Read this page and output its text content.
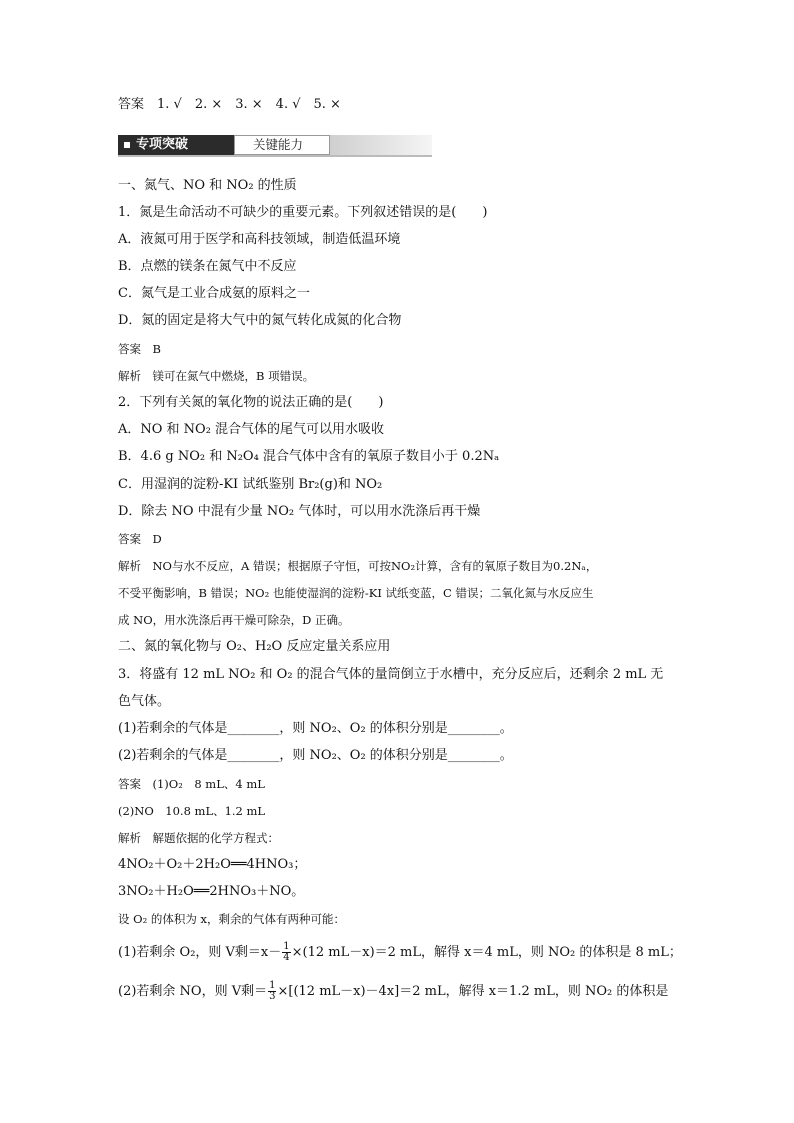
答案　1. √　2. ×　3. ×　4. √　5. ×
专项突破	关键能力
一、氮气、NO 和 NO₂ 的性质
1．氮是生命活动不可缺少的重要元素。下列叙述错误的是(　　)
A．液氮可用于医学和高科技领域，制造低温环境
B．点燃的镁条在氮气中不反应
C．氮气是工业合成氨的原料之一
D．氮的固定是将大气中的氮气转化成氮的化合物
答案　B
解析　镁可在氮气中燃烧，B 项错误。
2．下列有关氮的氧化物的说法正确的是(　　)
A．NO 和 NO₂ 混合气体的尾气可以用水吸收
B．4.6 g NO₂ 和 N₂O₄ 混合气体中含有的氧原子数目小于 0.2Nₐ
C．用湿润的淀粉-KI 试纸鉴别 Br₂(g)和 NO₂
D．除去 NO 中混有少量 NO₂ 气体时，可以用水洗涤后再干燥
答案　D
解析　NO与水不反应，A 错误；根据原子守恒，可按NO₂计算，含有的氧原子数目为0.2Nₐ，
不受平衡影响，B 错误；NO₂ 也能使湿润的淀粉-KI 试纸变蓝，C 错误；二氧化氮与水反应生
成 NO，用水洗涤后再干燥可除杂，D 正确。
二、氮的氧化物与 O₂、H₂O 反应定量关系应用
3．将盛有 12 mL NO₂ 和 O₂ 的混合气体的量筒倒立于水槽中，充分反应后，还剩余 2 mL 无
色气体。
(1)若剩余的气体是________，则 NO₂、O₂ 的体积分别是________。
(2)若剩余的气体是________，则 NO₂、O₂ 的体积分别是________。
答案　(1)O₂　8 mL、4 mL
(2)NO　10.8 mL、1.2 mL
解析　解题依据的化学方程式：
4NO₂＋O₂＋2H₂O══4HNO₃；
3NO₂＋H₂O══2HNO₃＋NO。
设 O₂ 的体积为 x，剩余的气体有两种可能：
(1)若剩余 O₂，则 V剩$=x- \frac{1}{4} \times(12$ mL－x)＝2 mL，解得 x＝4 mL，则 NO₂ 的体积是 8 mL；
(2)若剩余 NO，则 V剩＝ $\frac{1}{3} \times[(12$ mL－x)－4x]＝2 mL，解得 x＝1.2 mL，则 NO₂ 的体积是
